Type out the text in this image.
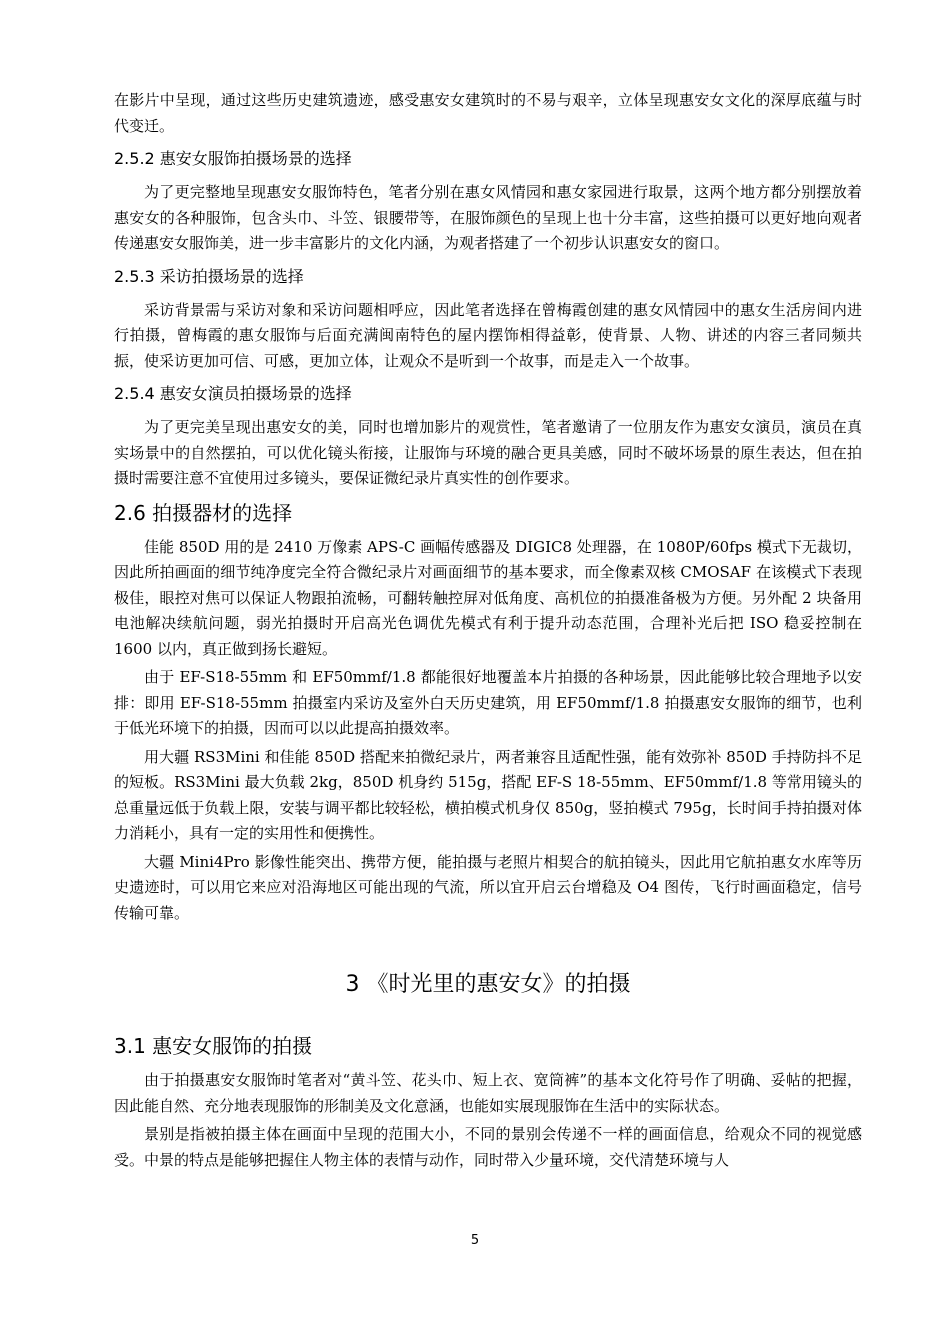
在影片中呈现，通过这些历史建筑遗迹，感受惠安女建筑时的不易与艰辛，立体呈现惠安女文化的深厚底蕴与时代变迁。

2.5.2 惠安女服饰拍摄场景的选择

为了更完整地呈现惠安女服饰特色，笔者分别在惠女风情园和惠女家园进行取景，这两个地方都分别摆放着惠安女的各种服饰，包含头巾、斗笠、银腰带等，在服饰颜色的呈现上也十分丰富，这些拍摄可以更好地向观者传递惠安女服饰美，进一步丰富影片的文化内涵，为观者搭建了一个初步认识惠安女的窗口。

2.5.3 采访拍摄场景的选择

采访背景需与采访对象和采访问题相呼应，因此笔者选择在曾梅霞创建的惠女风情园中的惠女生活房间内进行拍摄，曾梅霞的惠女服饰与后面充满闽南特色的屋内摆饰相得益彰，使背景、人物、讲述的内容三者同频共振，使采访更加可信、可感，更加立体，让观众不是听到一个故事，而是走入一个故事。

2.5.4 惠安女演员拍摄场景的选择

为了更完美呈现出惠安女的美，同时也增加影片的观赏性，笔者邀请了一位朋友作为惠安女演员，演员在真实场景中的自然摆拍，可以优化镜头衔接，让服饰与环境的融合更具美感，同时不破坏场景的原生表达，但在拍摄时需要注意不宜使用过多镜头，要保证微纪录片真实性的创作要求。

2.6 拍摄器材的选择

佳能 850D 用的是 2410 万像素 APS-C 画幅传感器及 DIGIC8 处理器，在 1080P/60fps 模式下无裁切，因此所拍画面的细节纯净度完全符合微纪录片对画面细节的基本要求，而全像素双核 CMOSAF 在该模式下表现极佳，眼控对焦可以保证人物跟拍流畅，可翻转触控屏对低角度、高机位的拍摄准备极为方便。另外配 2 块备用电池解决续航问题，弱光拍摄时开启高光色调优先模式有利于提升动态范围，合理补光后把 ISO 稳妥控制在 1600 以内，真正做到扬长避短。

由于 EF-S18-55mm 和 EF50mmf/1.8 都能很好地覆盖本片拍摄的各种场景，因此能够比较合理地予以安排：即用 EF-S18-55mm 拍摄室内采访及室外白天历史建筑，用 EF50mmf/1.8 拍摄惠安女服饰的细节，也利于低光环境下的拍摄，因而可以以此提高拍摄效率。

用大疆 RS3Mini 和佳能 850D 搭配来拍微纪录片，两者兼容且适配性强，能有效弥补 850D 手持防抖不足的短板。RS3Mini 最大负载 2kg，850D 机身约 515g，搭配 EF-S 18-55mm、EF50mmf/1.8 等常用镜头的总重量远低于负载上限，安装与调平都比较轻松，横拍模式机身仅 850g，竖拍模式 795g，长时间手持拍摄对体力消耗小，具有一定的实用性和便携性。

大疆 Mini4Pro 影像性能突出、携带方便，能拍摄与老照片相契合的航拍镜头，因此用它航拍惠女水库等历史遗迹时，可以用它来应对沿海地区可能出现的气流，所以宜开启云台增稳及 O4 图传，飞行时画面稳定，信号传输可靠。

3 《时光里的惠安女》的拍摄
3.1 惠安女服饰的拍摄

由于拍摄惠安女服饰时笔者对“黄斗笠、花头巾、短上衣、宽筒裤”的基本文化符号作了明确、妥帖的把握，因此能自然、充分地表现服饰的形制美及文化意涵，也能如实展现服饰在生活中的实际状态。

景别是指被拍摄主体在画面中呈现的范围大小，不同的景别会传递不一样的画面信息，给观众不同的视觉感受。中景的特点是能够把握住人物主体的表情与动作，同时带入少量环境，交代清楚环境与人

5
